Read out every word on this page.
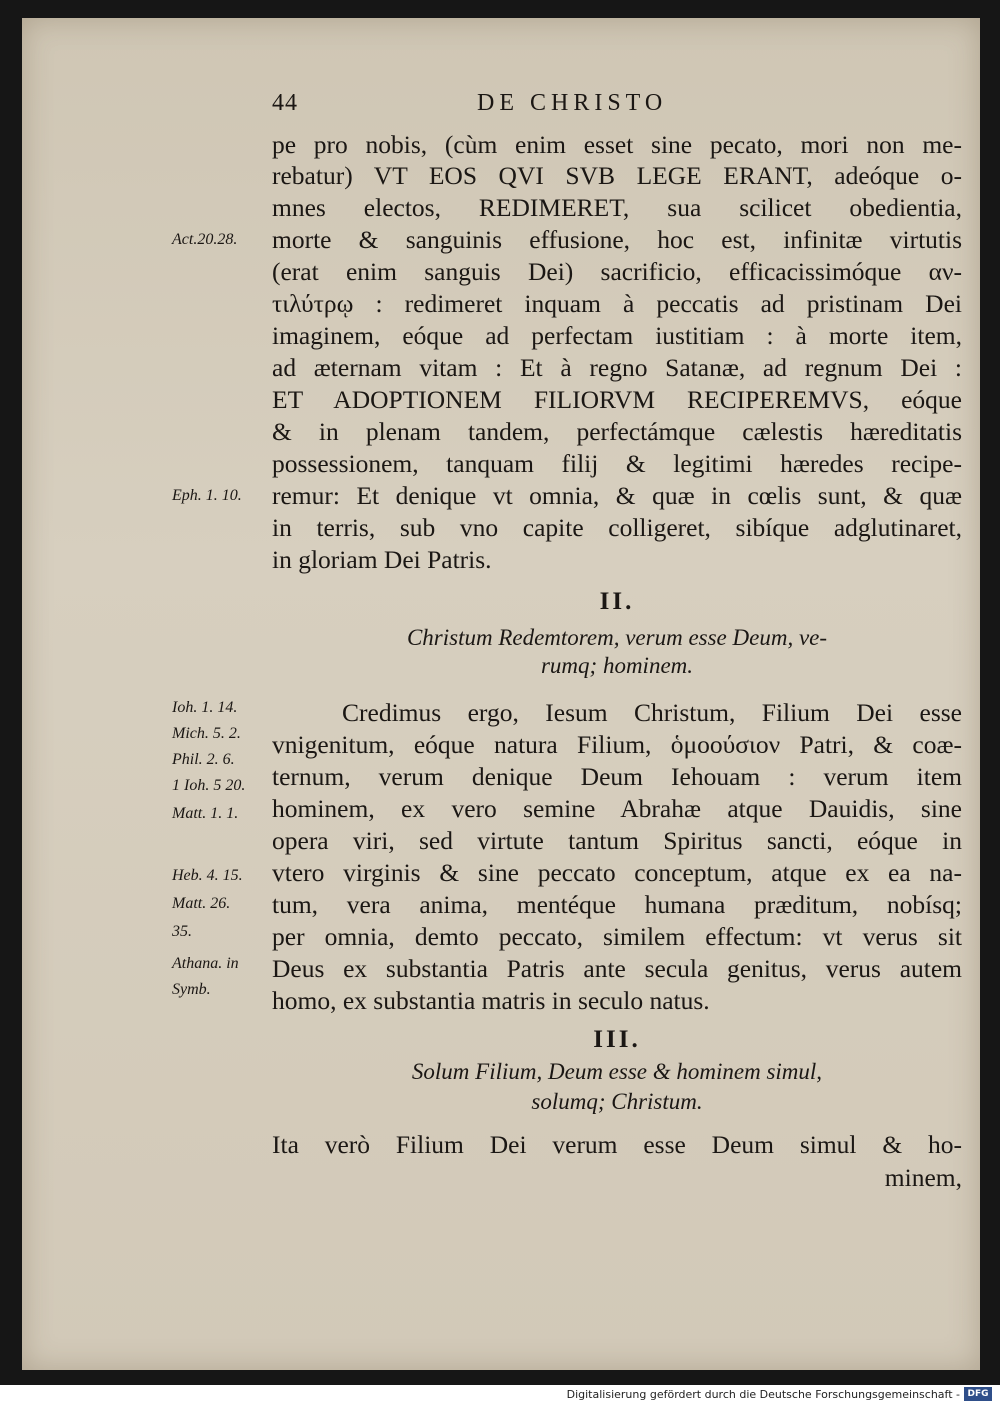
44	DE CHRISTO
pe pro nobis, (cùm enim esset sine pecato, mori non me-
rebatur) VT EOS QVI SVB LEGE ERANT, adeóque o-
mnes electos, REDIMERET, sua scilicet obedientia,
morte & sanguinis effusione, hoc est, infinitæ virtutis
(erat enim sanguis Dei) sacrificio, efficacissimóque αν-
τιλύτρῳ : redimeret inquam à peccatis ad pristinam Dei
imaginem, eóque ad perfectam iustitiam : à morte item,
ad æternam vitam : Et à regno Satanæ, ad regnum Dei :
ET ADOPTIONEM FILIORVM RECIPEREMVS, eóque
& in plenam tandem, perfectámque cælestis hæreditatis
possessionem, tanquam filij & legitimi hæredes recipe-
remur: Et denique vt omnia, & quæ in cœlis sunt, & quæ
in terris, sub vno capite colligeret, sibíque adglutinaret,
in gloriam Dei Patris.
Act.20.28.
Eph. 1. 10.
II.
Christum Redemtorem, verum esse Deum, ve-
rumq; hominem.
Credimus ergo, Iesum Christum, Filium Dei esse
vnigenitum, eóque natura Filium, ὁμοούσιον Patri, & coæ-
ternum, verum denique Deum Iehouam : verum item
hominem, ex vero semine Abrahæ atque Dauidis, sine
opera viri, sed virtute tantum Spiritus sancti, eóque in
vtero virginis & sine peccato conceptum, atque ex ea na-
tum, vera anima, mentéque humana præditum, nobísq;
per omnia, demto peccato, similem effectum: vt verus sit
Deus ex substantia Patris ante secula genitus, verus autem
homo, ex substantia matris in seculo natus.
Ioh. 1. 14.
Mich. 5. 2.
Phil. 2. 6.
1 Ioh. 5 20.
Matt. 1. 1.
Heb. 4. 15.
Matt. 26.
35.
Athana. in
Symb.
III.
Solum Filium, Deum esse & hominem simul,
solumq; Christum.
Ita verò Filium Dei verum esse Deum simul & ho-
minem,
Digitalisierung gefördert durch die Deutsche Forschungsgemeinschaft - DFG
